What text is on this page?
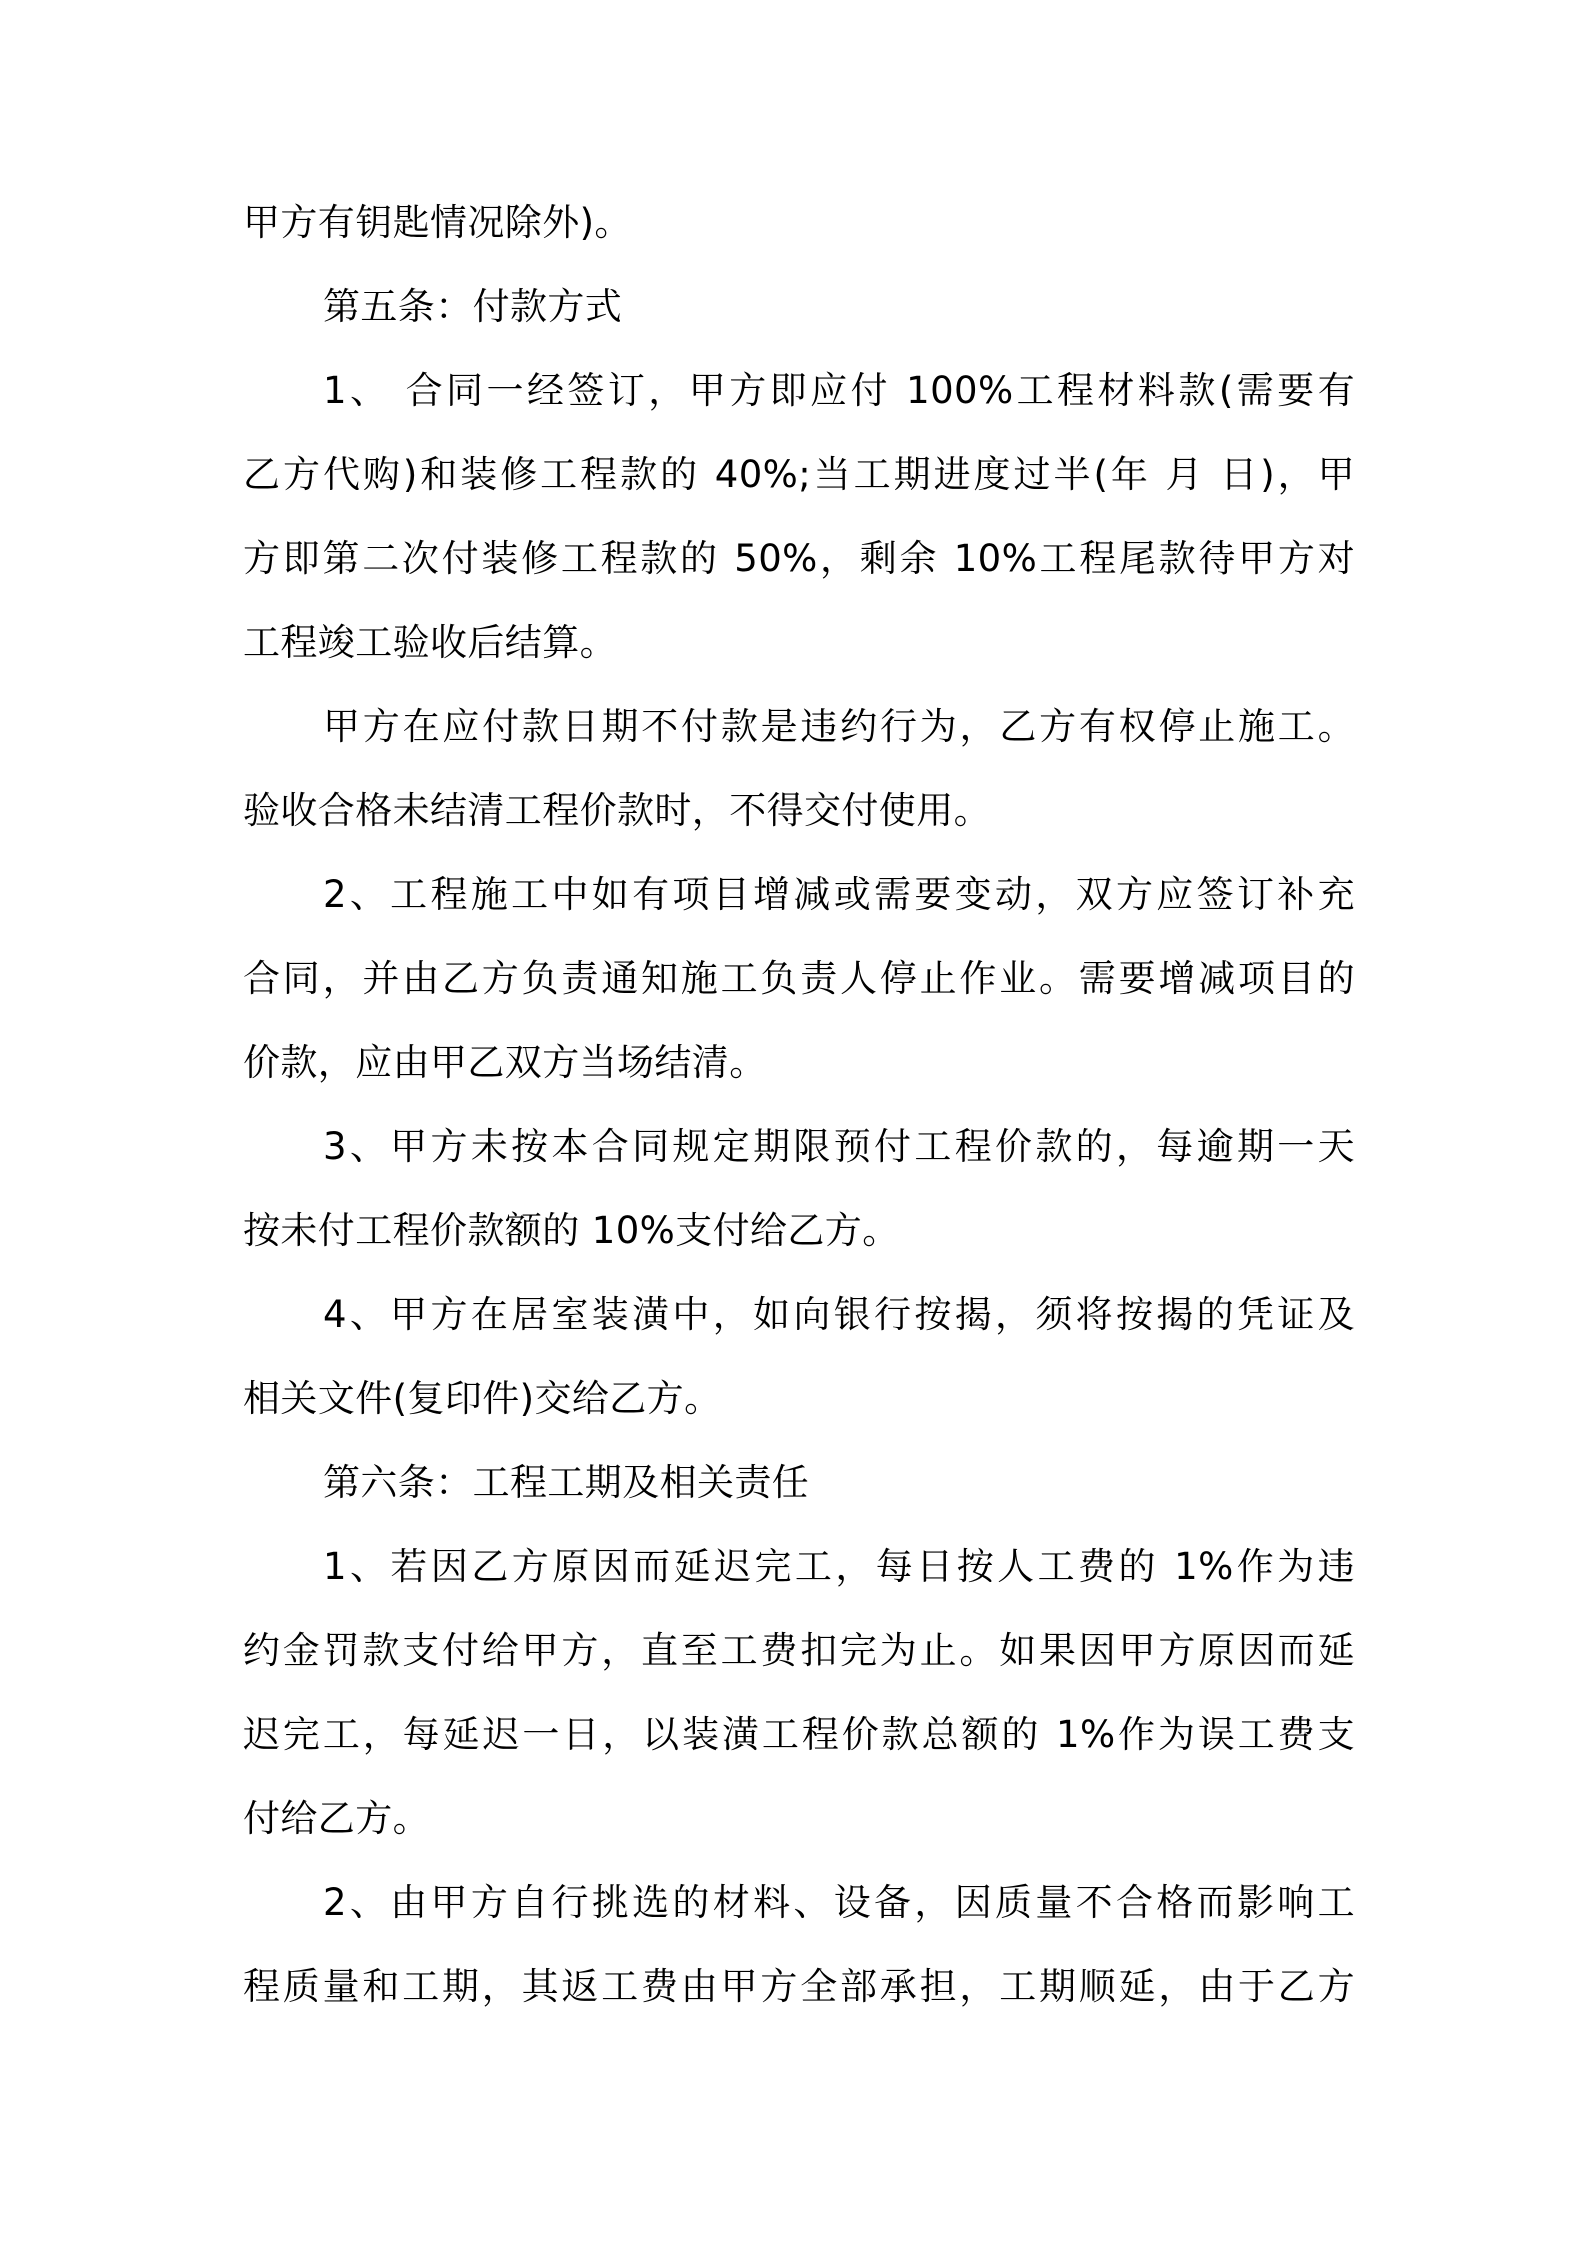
甲方有钥匙情况除外)。
第五条：付款方式
1、 合同一经签订，甲方即应付 100%工程材料款(需要有
乙方代购)和装修工程款的 40%;当工期进度过半(年 月 日)，甲
方即第二次付装修工程款的 50%，剩余 10%工程尾款待甲方对
工程竣工验收后结算。
甲方在应付款日期不付款是违约行为，乙方有权停止施工。
验收合格未结清工程价款时，不得交付使用。
2、工程施工中如有项目增减或需要变动，双方应签订补充
合同，并由乙方负责通知施工负责人停止作业。需要增减项目的
价款，应由甲乙双方当场结清。
3、甲方未按本合同规定期限预付工程价款的，每逾期一天
按未付工程价款额的 10%支付给乙方。
4、甲方在居室装潢中，如向银行按揭，须将按揭的凭证及
相关文件(复印件)交给乙方。
第六条：工程工期及相关责任
1、若因乙方原因而延迟完工，每日按人工费的 1%作为违
约金罚款支付给甲方，直至工费扣完为止。如果因甲方原因而延
迟完工，每延迟一日，以装潢工程价款总额的 1%作为误工费支
付给乙方。
2、由甲方自行挑选的材料、设备，因质量不合格而影响工
程质量和工期，其返工费由甲方全部承担，工期顺延，由于乙方
